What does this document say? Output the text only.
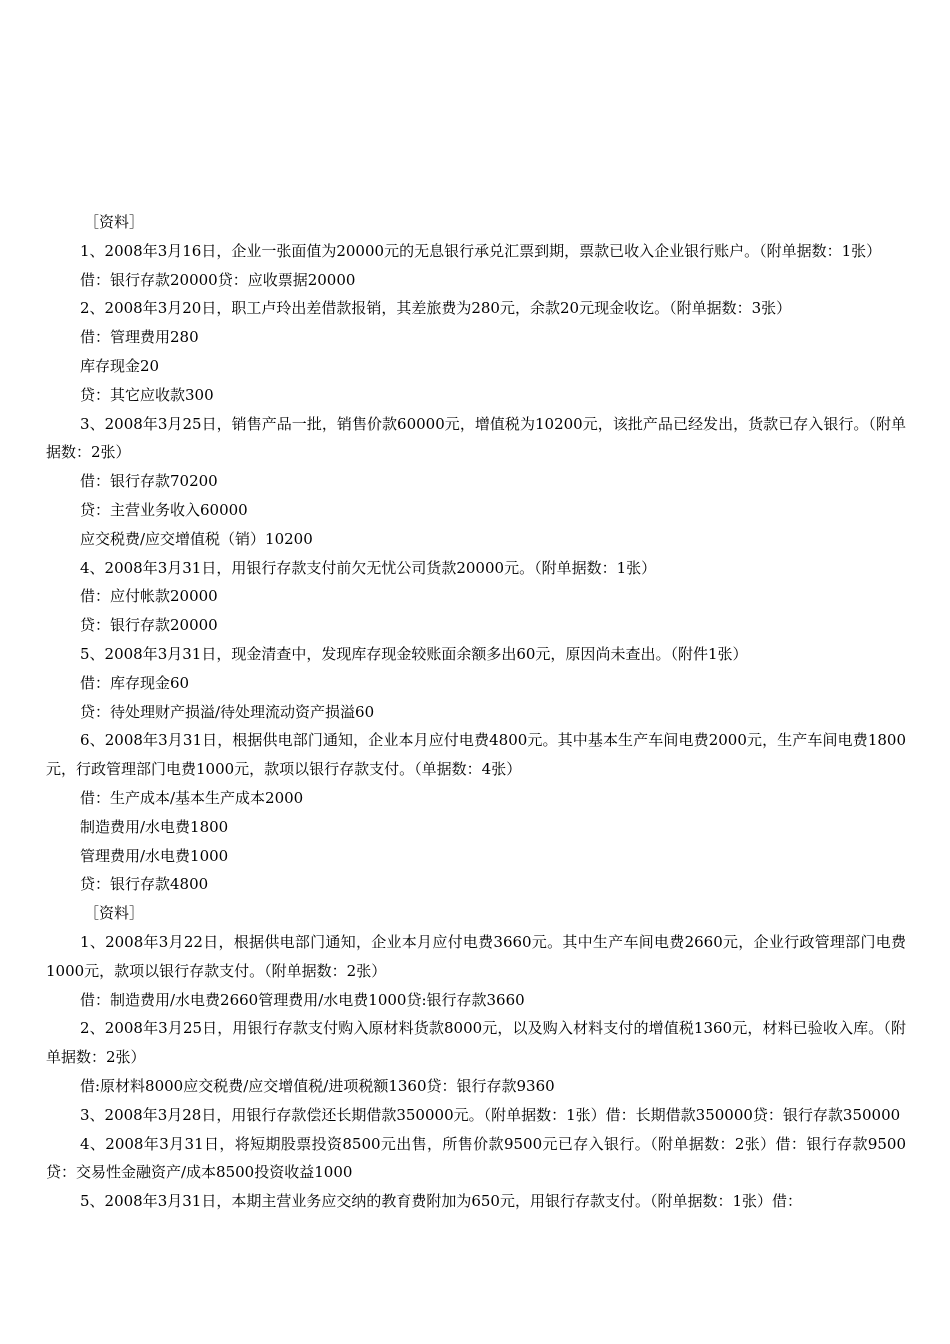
［资料］

1、2008年3月16日，企业一张面值为20000元的无息银行承兑汇票到期，票款已收入企业银行账户。（附单据数：1张）

借：银行存款20000贷：应收票据20000

2、2008年3月20日，职工卢玲出差借款报销，其差旅费为280元，余款20元现金收讫。（附单据数：3张）

借：管理费用280

库存现金20

贷：其它应收款300

3、2008年3月25日，销售产品一批，销售价款60000元，增值税为10200元，该批产品已经发出，货款已存入银行。（附单据数：2张）

借：银行存款70200

贷：主营业务收入60000

应交税费/应交增值税（销）10200

4、2008年3月31日，用银行存款支付前欠无忧公司货款20000元。（附单据数：1张）

借：应付帐款20000

贷：银行存款20000

5、2008年3月31日，现金清查中，发现库存现金较账面余额多出60元，原因尚未查出。（附件1张）

借：库存现金60

贷：待处理财产损溢/待处理流动资产损溢60

6、2008年3月31日，根据供电部门通知，企业本月应付电费4800元。其中基本生产车间电费2000元，生产车间电费1800元，行政管理部门电费1000元，款项以银行存款支付。（单据数：4张）

借：生产成本/基本生产成本2000

制造费用/水电费1800

管理费用/水电费1000

贷：银行存款4800

［资料］

1、2008年3月22日，根据供电部门通知，企业本月应付电费3660元。其中生产车间电费2660元，企业行政管理部门电费1000元，款项以银行存款支付。（附单据数：2张）

借：制造费用/水电费2660管理费用/水电费1000贷:银行存款3660

2、2008年3月25日，用银行存款支付购入原材料货款8000元，以及购入材料支付的增值税1360元，材料已验收入库。（附单据数：2张）

借:原材料8000应交税费/应交增值税/进项税额1360贷：银行存款9360

3、2008年3月28日，用银行存款偿还长期借款350000元。（附单据数：1张）借：长期借款350000贷：银行存款350000

4、2008年3月31日，将短期股票投资8500元出售，所售价款9500元已存入银行。（附单据数：2张）借：银行存款9500贷：交易性金融资产/成本8500投资收益1000

5、2008年3月31日，本期主营业务应交纳的教育费附加为650元，用银行存款支付。（附单据数：1张）借：
